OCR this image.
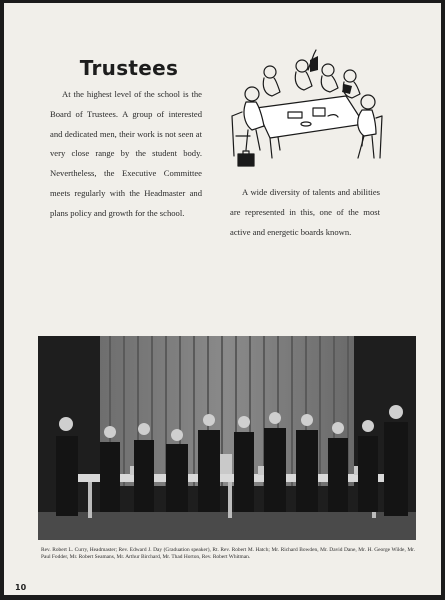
Trustees

At the highest level of the school is the Board of Trustees. A group of interested and dedicated men, their work is not seen at very close range by the student body. Nevertheless, the Executive Committee meets regularly with the Headmaster and plans policy and growth for the school.

A wide diversity of talents and abilities are represented in this, one of the most active and energetic boards known.

Rev. Robert L. Curry, Headmaster; Rev. Edward J. Day (Graduation speaker), Rt. Rev. Robert M. Hatch; Mr. Richard Bowden, Mr. David Dane, Mr. H. George Wilde, Mr. Paul Fodder, Mr. Robert Seamans, Mr. Arthur Birchard, Mr. Thad Horton, Rev. Robert Whitman.

10
